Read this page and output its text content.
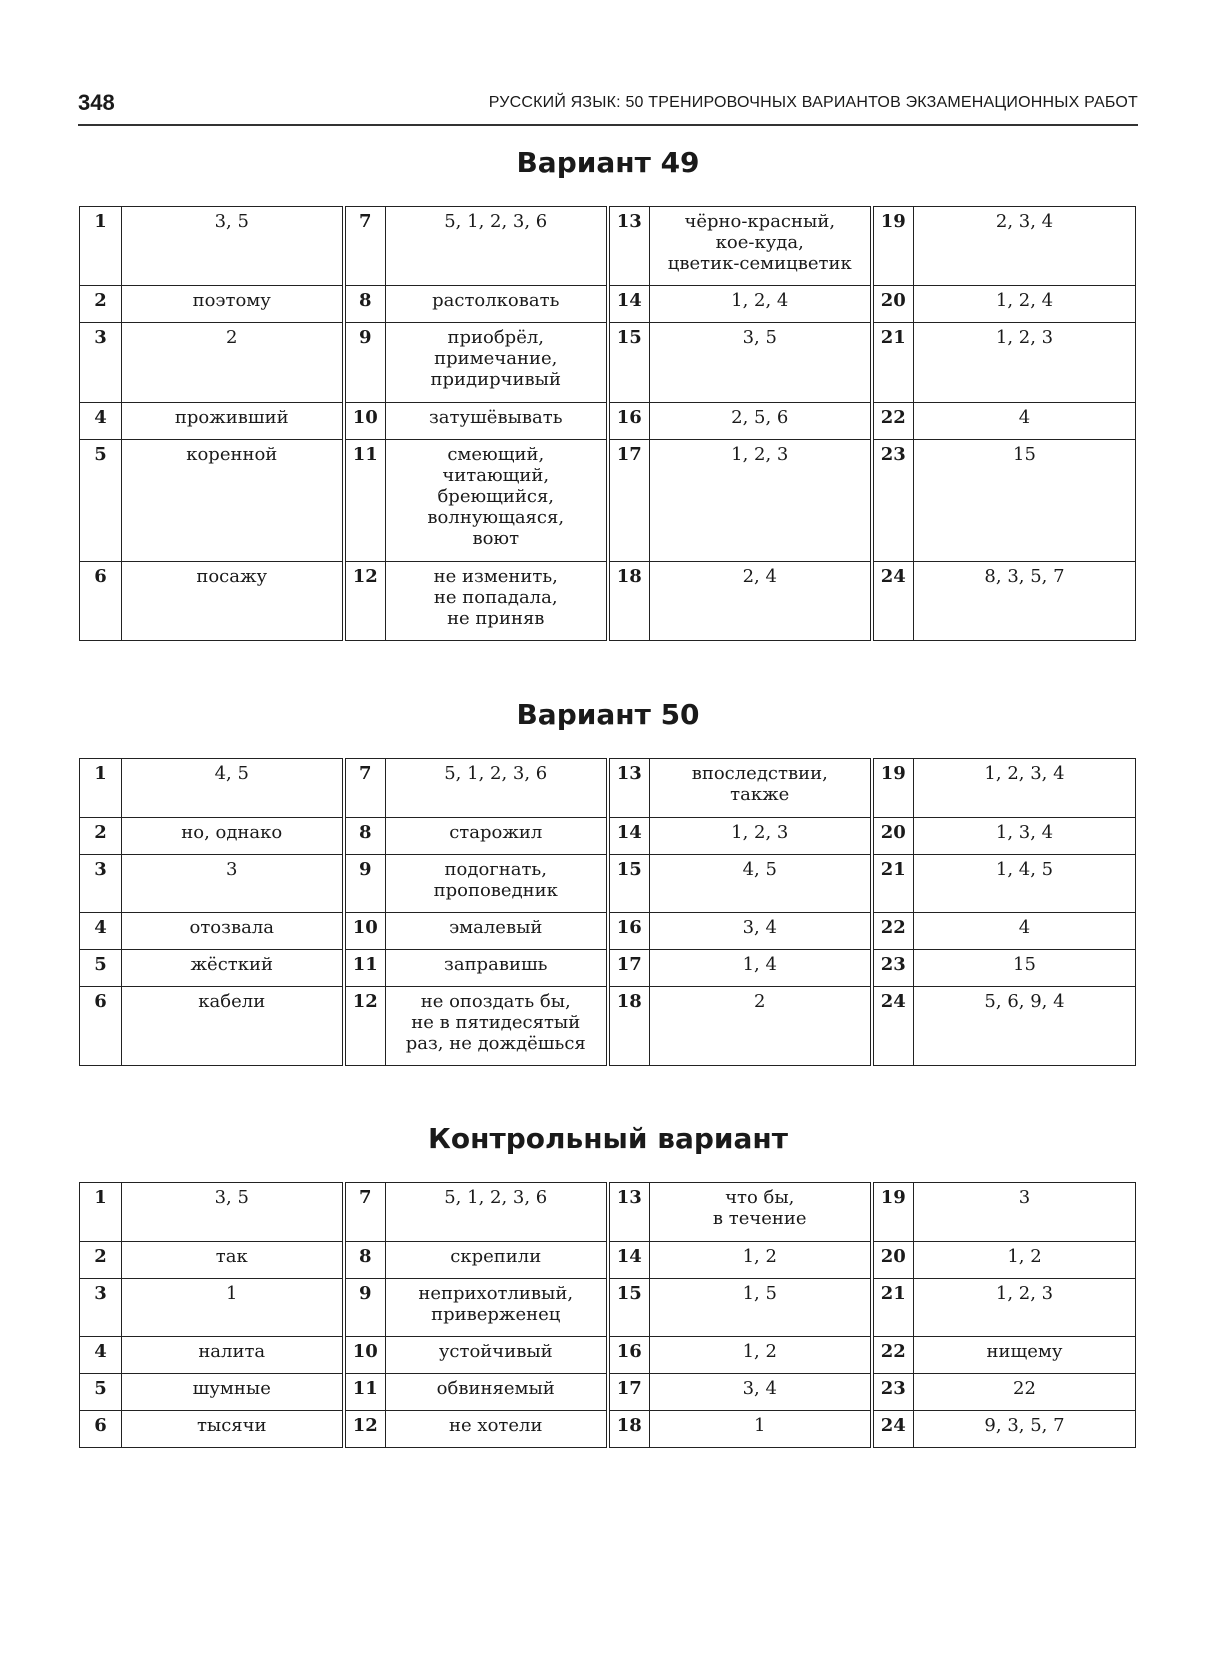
348	РУССКИЙ ЯЗЫК: 50 ТРЕНИРОВОЧНЫХ ВАРИАНТОВ ЭКЗАМЕНАЦИОННЫХ РАБОТ
Вариант 49
1	3, 5	7	5, 1, 2, 3, 6	13	чёрно-красный,
кое-куда,
цветик-семицветик	19	2, 3, 4
2	поэтому	8	растолковать	14	1, 2, 4	20	1, 2, 4
3	2	9	приобрёл,
примечание,
придирчивый	15	3, 5	21	1, 2, 3
4	проживший	10	затушёвывать	16	2, 5, 6	22	4
5	коренной	11	смеющий,
читающий,
бреющийся,
волнующаяся,
воют	17	1, 2, 3	23	15
6	посажу	12	не изменить,
не попадала,
не приняв	18	2, 4	24	8, 3, 5, 7
Вариант 50
1	4, 5	7	5, 1, 2, 3, 6	13	впоследствии,
также	19	1, 2, 3, 4
2	но, однако	8	старожил	14	1, 2, 3	20	1, 3, 4
3	3	9	подогнать,
проповедник	15	4, 5	21	1, 4, 5
4	отозвала	10	эмалевый	16	3, 4	22	4
5	жёсткий	11	заправишь	17	1, 4	23	15
6	кабели	12	не опоздать бы,
не в пятидесятый
раз, не дождёшься	18	2	24	5, 6, 9, 4
Контрольный вариант
1	3, 5	7	5, 1, 2, 3, 6	13	что бы,
в течение	19	3
2	так	8	скрепили	14	1, 2	20	1, 2
3	1	9	неприхотливый,
приверженец	15	1, 5	21	1, 2, 3
4	налита	10	устойчивый	16	1, 2	22	нищему
5	шумные	11	обвиняемый	17	3, 4	23	22
6	тысячи	12	не хотели	18	1	24	9, 3, 5, 7
